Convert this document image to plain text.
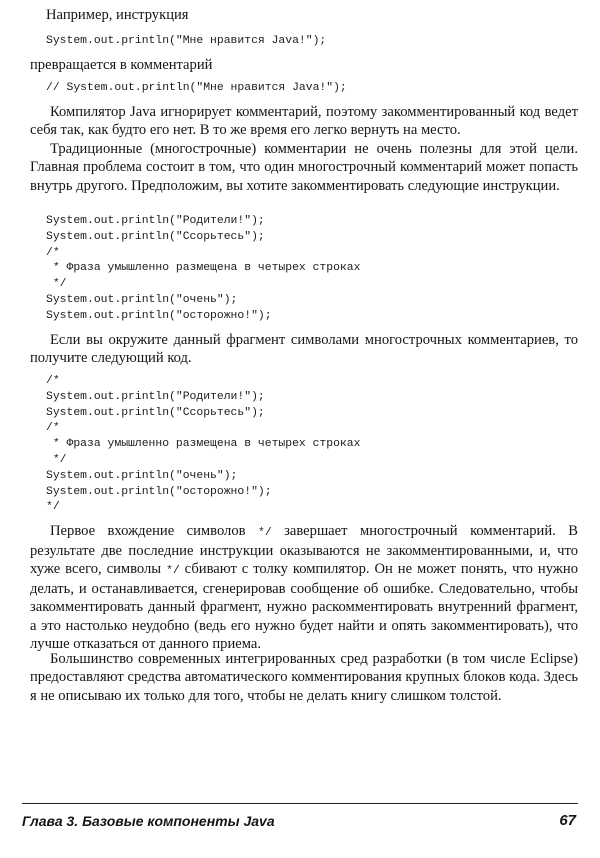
Например, инструкция

System.out.println("Мне нравится Java!");

превращается в комментарий

// System.out.println("Мне нравится Java!");

Компилятор Java игнорирует комментарий, поэтому закомментированный код ведет себя так, как будто его нет. В то же время его легко вернуть на место.

Традиционные (многострочные) комментарии не очень полезны для этой цели. Главная проблема состоит в том, что один многострочный комментарий может попасть внутрь другого. Предположим, вы хотите закомментировать следующие инструкции.

System.out.println("Родители!");
System.out.println("Ссорьтесь");
/*
* Фраза умышленно размещена в четырех строках
*/
System.out.println("очень");
System.out.println("осторожно!");

Если вы окружите данный фрагмент символами многострочных комментариев, то получите следующий код.

/*
System.out.println("Родители!");
System.out.println("Ссорьтесь");
/*
* Фраза умышленно размещена в четырех строках
*/
System.out.println("очень");
System.out.println("осторожно!");
*/

Первое вхождение символов */ завершает многострочный комментарий. В результате две последние инструкции оказываются не закомментированными, и, что хуже всего, символы */ сбивают с толку компилятор. Он не может понять, что нужно делать, и останавливается, сгенерировав сообщение об ошибке. Следовательно, чтобы закомментировать данный фрагмент, нужно раскомментировать внутренний фрагмент, а это настолько неудобно (ведь его нужно будет найти и опять закомментировать), что лучше отказаться от данного приема.

Большинство современных интегрированных сред разработки (в том числе Eclipse) предоставляют средства автоматического комментирования крупных блоков кода. Здесь я не описываю их только для того, чтобы не делать книгу слишком толстой.

Глава 3. Базовые компоненты Java	67
